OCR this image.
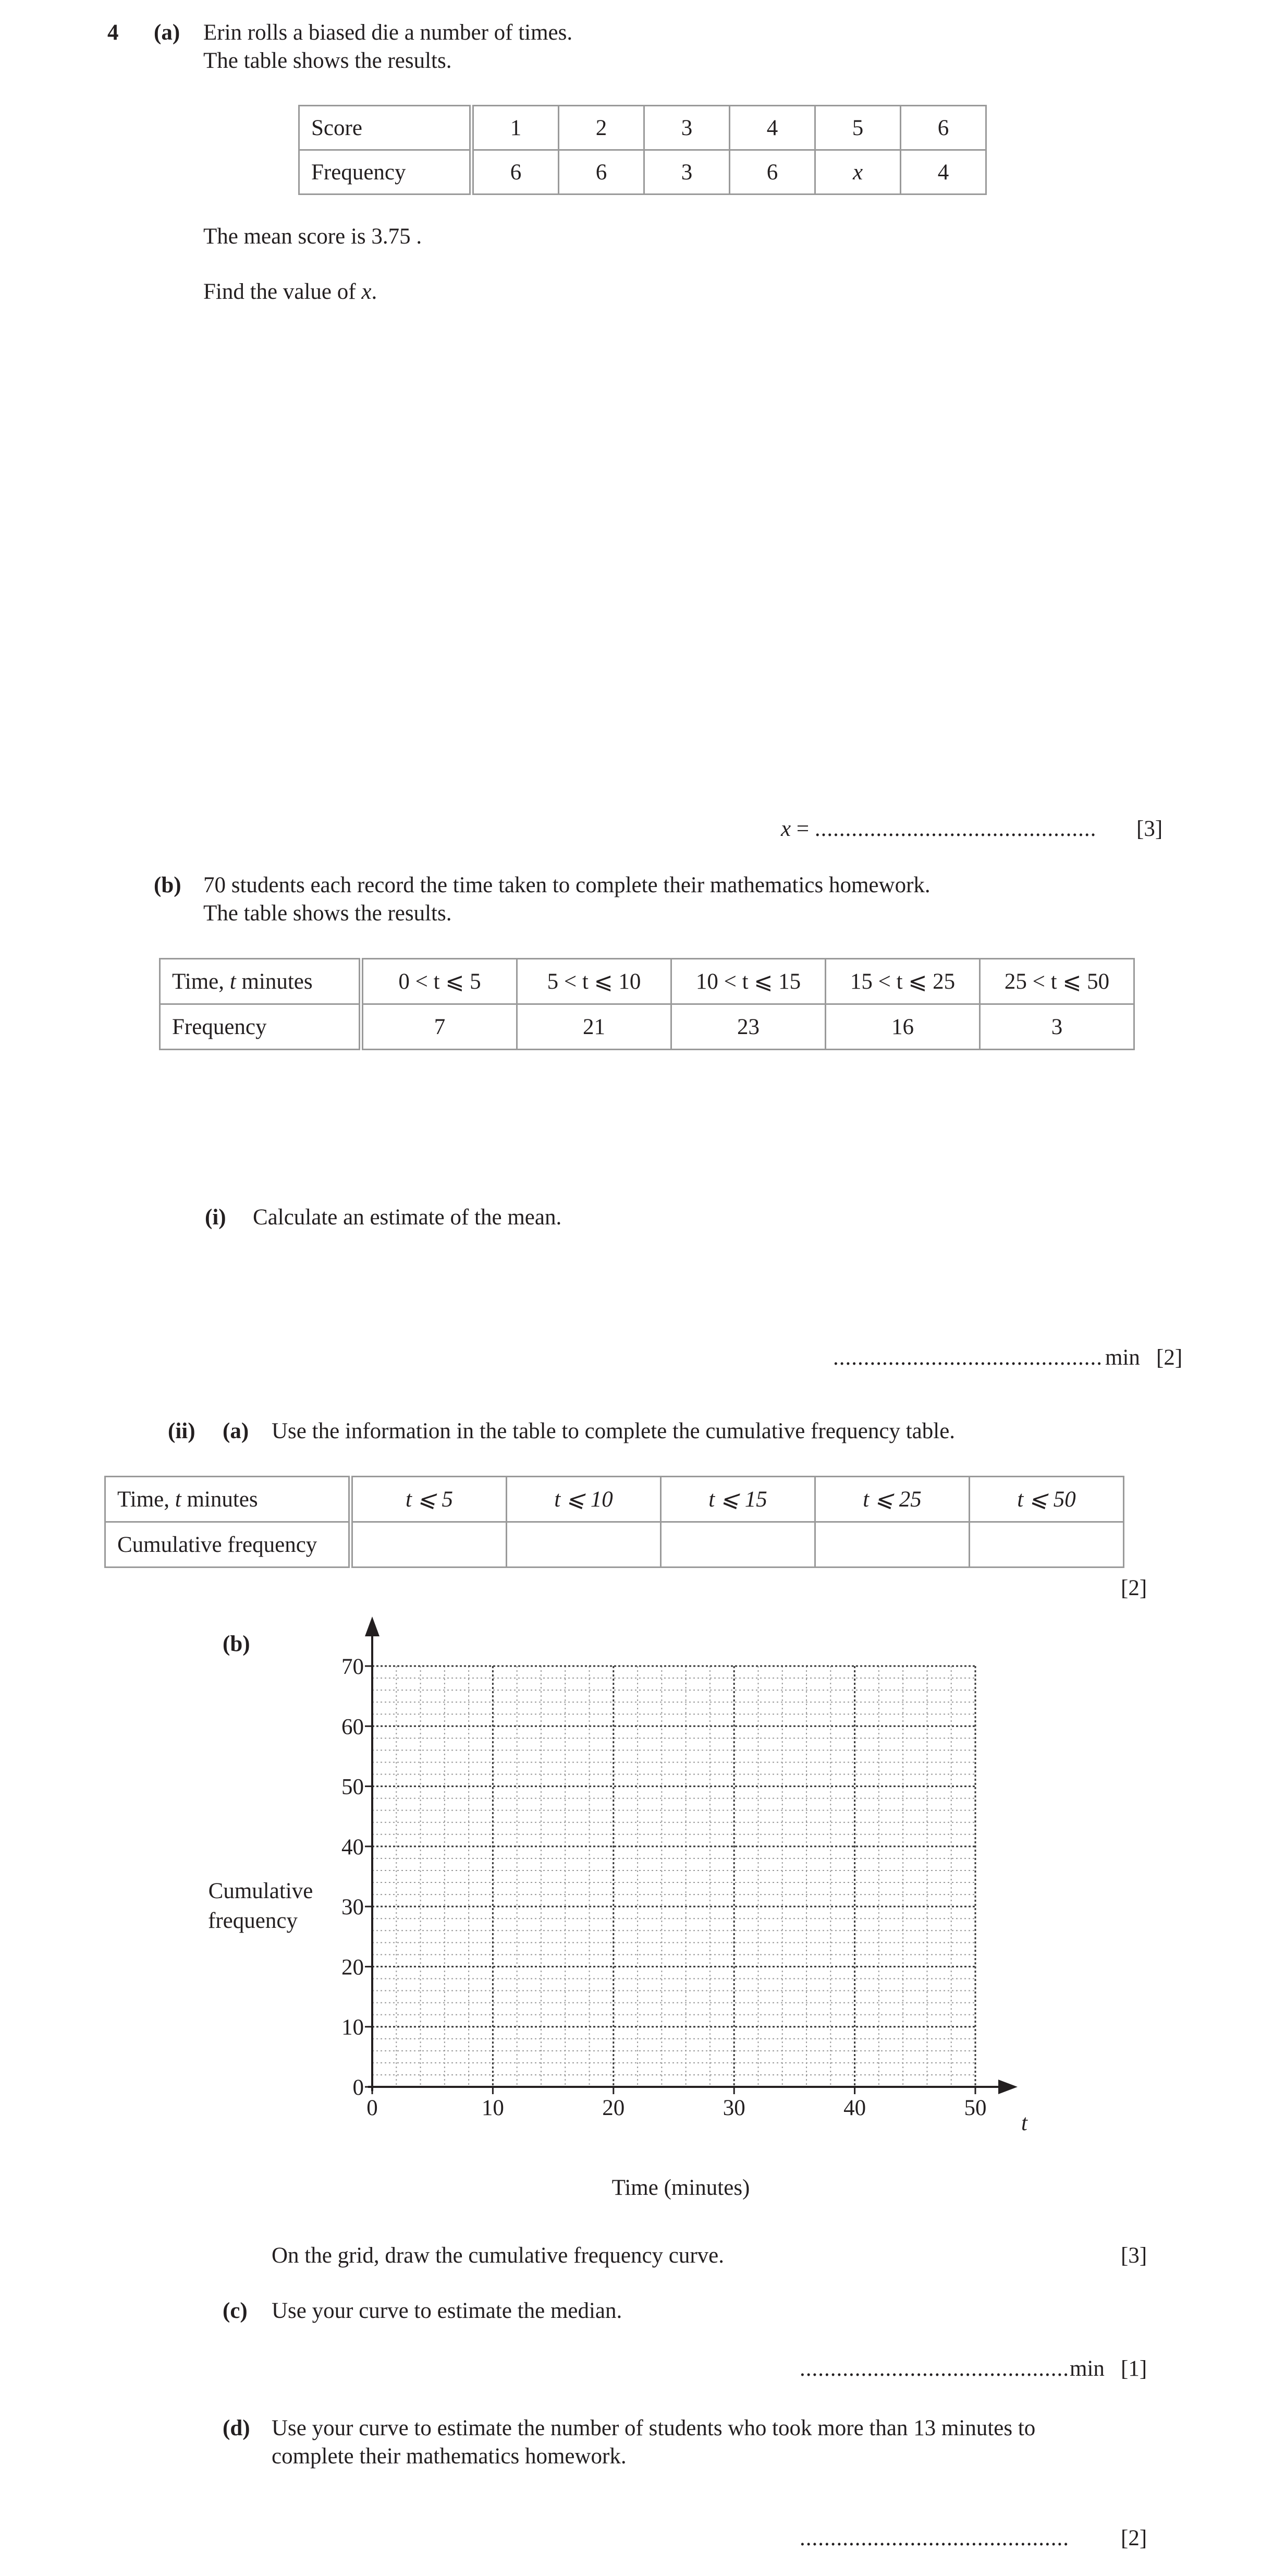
4 (a) Erin rolls a biased die a number of times.
The table shows the results.
Score	1	2	3	4	5	6
Frequency	6	6	3	6	x	4
The mean score is 3.75 .
Find the value of x.
x = .............................................. [3]
(b) 70 students each record the time taken to complete their mathematics homework.
The table shows the results.
Time, t minutes	0 < t ⩽ 5	5 < t ⩽ 10	10 < t ⩽ 15	15 < t ⩽ 25	25 < t ⩽ 50
Frequency	7	21	23	16	3
(i) Calculate an estimate of the mean.
............................................ min [2]
(ii) (a) Use the information in the table to complete the cumulative frequency table.
Time, t minutes	t ⩽ 5	t ⩽ 10	t ⩽ 15	t ⩽ 25	t ⩽ 50
Cumulative frequency					
[2]
(b)
0	10	20	30	40	50
0
10
20
30
40
50
60
70
Cumulative
frequency
Time (minutes)
t
On the grid, draw the cumulative frequency curve.	[3]
(c) Use your curve to estimate the median.
............................................ min [1]
(d) Use your curve to estimate the number of students who took more than 13 minutes to
complete their mathematics homework.
............................................ [2]
